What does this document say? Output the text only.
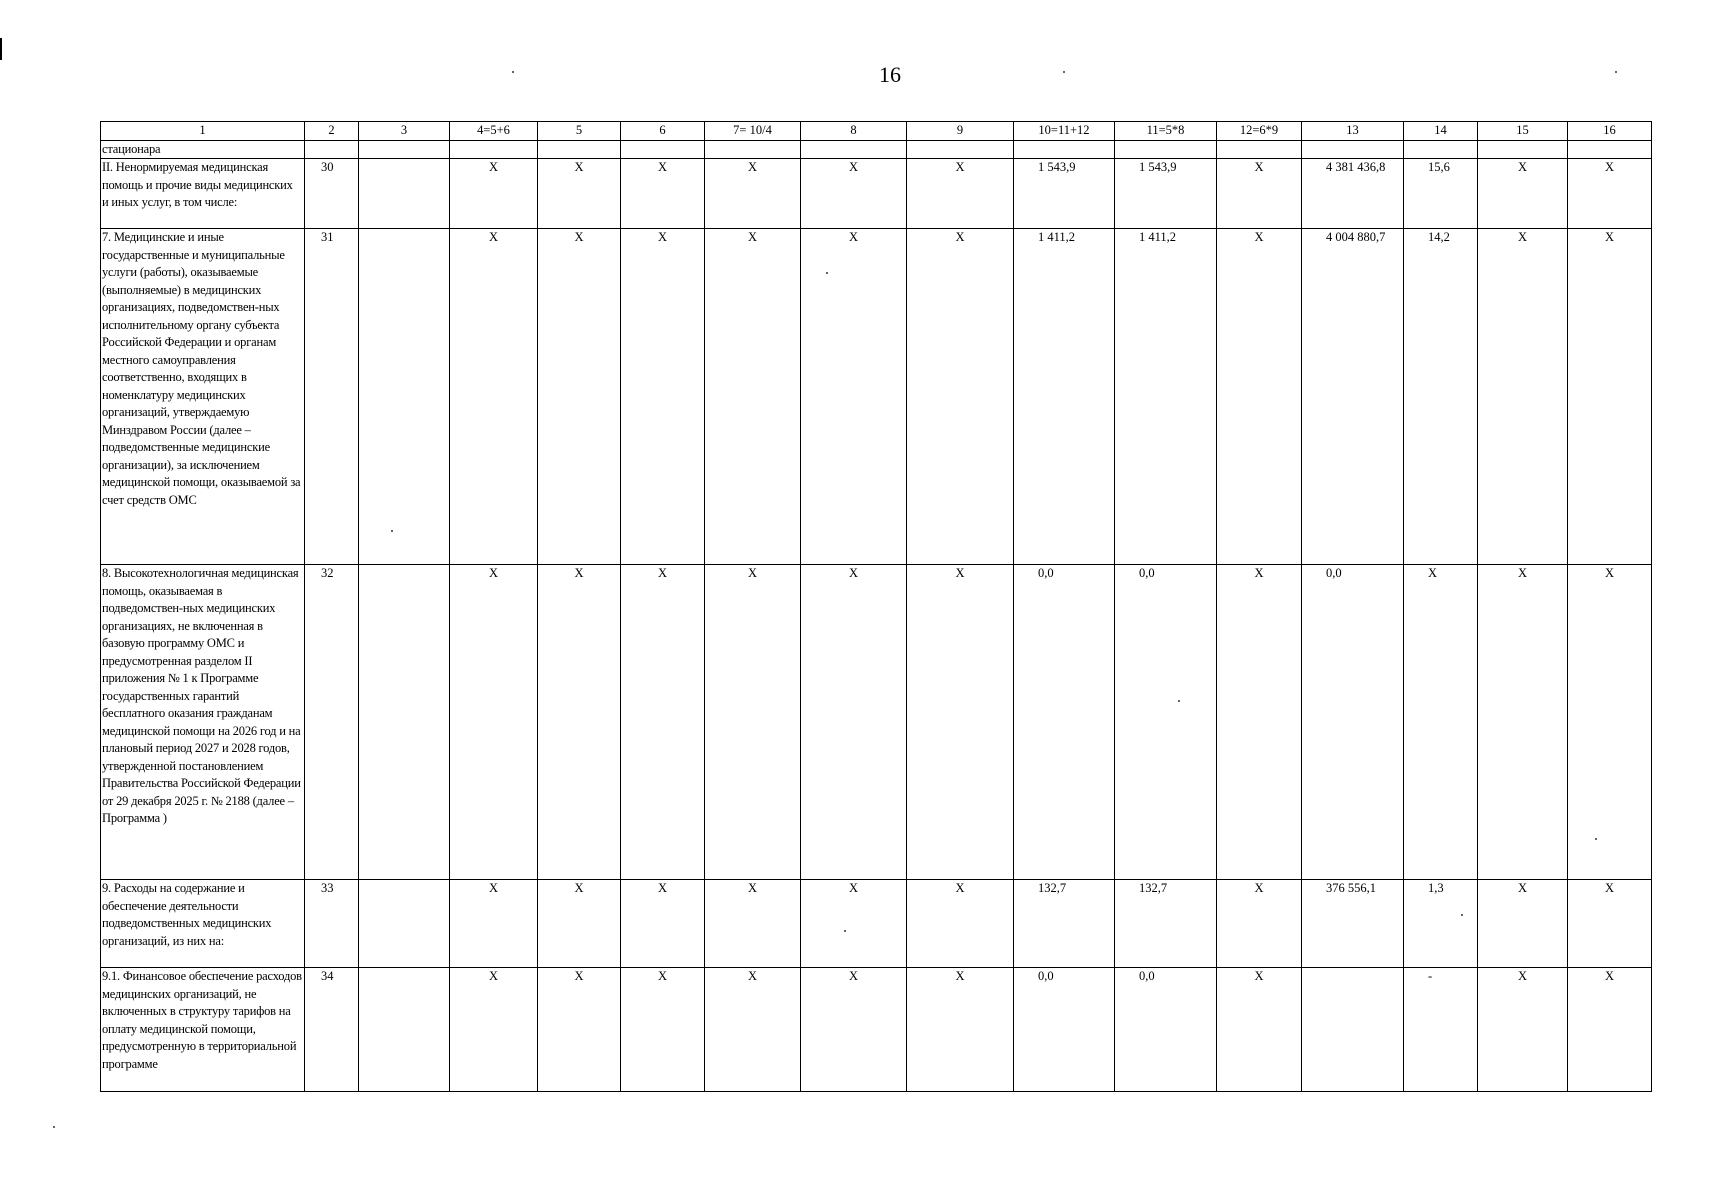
16
1	2	3	4=5+6	5	6	7= 10/4	8	9	10=11+12	11=5*8	12=6*9	13	14	15	16
стационара															
II. Ненормируемая медицинская помощь и прочие виды медицинских и иных услуг, в том числе:	30		X	X	X	X	X	X	1 543,9	1 543,9	X	4 381 436,8	15,6	X	X
7. Медицинские и иные государственные и муниципальные услуги (работы), оказываемые (выполняемые) в медицинских организациях, подведомствен-ных исполнительному органу субъекта Российской Федерации и органам местного самоуправления соответственно, входящих в номенклатуру медицинских организаций, утверждаемую Минздравом России (далее – подведомственные медицинские организации), за исключением медицинской помощи, оказываемой за счет средств ОМС	31		X	X	X	X	X	X	1 411,2	1 411,2	X	4 004 880,7	14,2	X	X
8. Высокотехнологичная медицинская помощь, оказываемая в подведомствен-ных медицинских организациях, не включенная в базовую программу ОМС и предусмотренная разделом II приложения № 1 к Программе государственных гарантий бесплатного оказания гражданам медицинской помощи на 2026 год и на плановый период 2027 и 2028 годов, утвержденной постановлением Правительства Российской Федерации от 29 декабря 2025 г. № 2188 (далее – Программа )	32		X	X	X	X	X	X	0,0	0,0	X	0,0	X	X	X
9. Расходы на содержание и обеспечение деятельности подведомственных медицинских организаций, из них на:	33		X	X	X	X	X	X	132,7	132,7	X	376 556,1	1,3	X	X
9.1. Финансовое обеспечение расходов медицинских организаций, не включенных в структуру тарифов на оплату медицинской помощи, предусмотренную в территориальной программе	34		X	X	X	X	X	X	0,0	0,0	X		-	X	X
